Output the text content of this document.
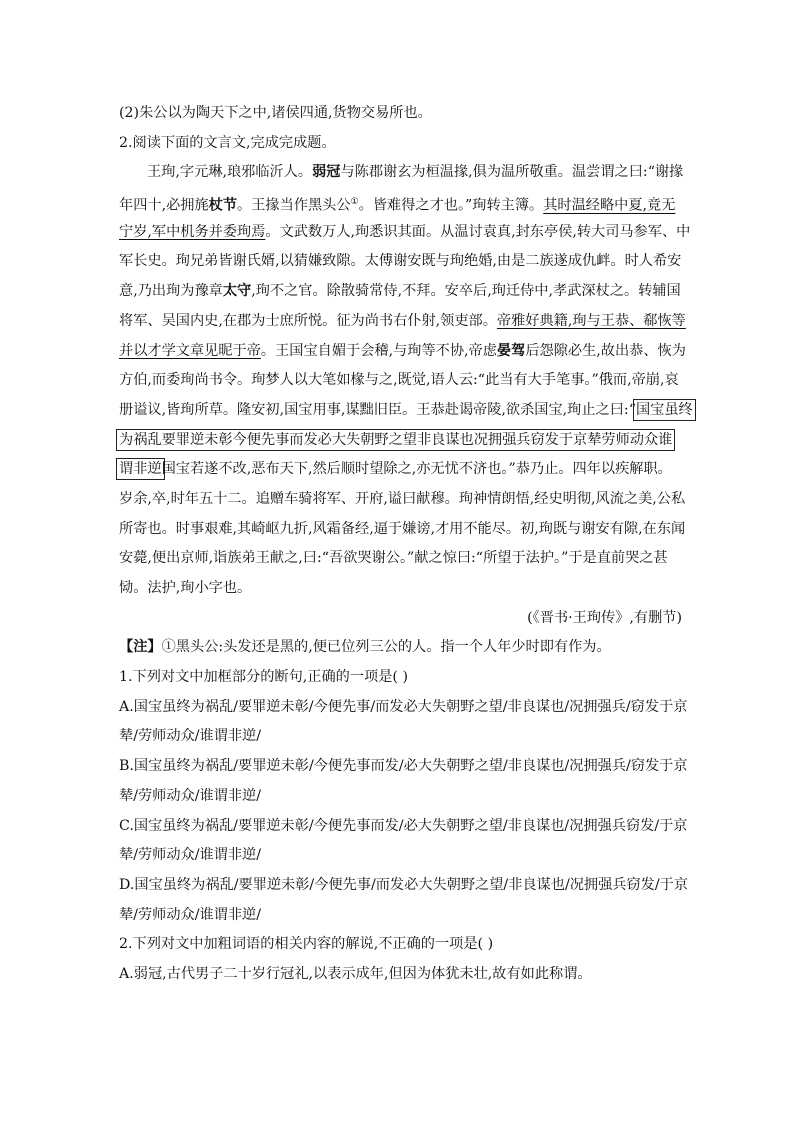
(2)朱公以为陶天下之中,诸侯四通,货物交易所也。
2.阅读下面的文言文,完成完成题。
王珣,字元琳,琅邪临沂人。弱冠与陈郡谢玄为桓温掾,俱为温所敬重。温尝谓之曰:“谢掾
年四十,必拥旄杖节。王掾当作黑头公①。皆难得之才也。”珣转主簿。其时温经略中夏,竟无
宁岁,军中机务并委珣焉。文武数万人,珣悉识其面。从温讨袁真,封东亭侯,转大司马参军、中
军长史。珣兄弟皆谢氏婿,以猜嫌致隙。太傅谢安既与珣绝婚,由是二族遂成仇衅。时人希安
意,乃出珣为豫章太守,珣不之官。除散骑常侍,不拜。安卒后,珣迁侍中,孝武深杖之。转辅国
将军、吴国内史,在郡为士庶所悦。征为尚书右仆射,领吏部。帝雅好典籍,珣与王恭、郗恢等
并以才学文章见昵于帝。王国宝自媚于会稽,与珣等不协,帝虑晏驾后怨隙必生,故出恭、恢为
方伯,而委珣尚书令。珣梦人以大笔如椽与之,既觉,语人云:“此当有大手笔事。”俄而,帝崩,哀
册谥议,皆珣所草。隆安初,国宝用事,谋黜旧臣。王恭赴谒帝陵,欲杀国宝,珣止之曰:“国宝虽终
为祸乱要罪逆未彰今便先事而发必大失朝野之望非良谋也况拥强兵窃发于京辇劳师动众谁
谓非逆国宝若遂不改,恶布天下,然后顺时望除之,亦无忧不济也。”恭乃止。四年以疾解职。
岁余,卒,时年五十二。追赠车骑将军、开府,谥曰献穆。珣神情朗悟,经史明彻,风流之美,公私
所寄也。时事艰难,其崎岖九折,风霜备经,逼于嫌谤,才用不能尽。初,珣既与谢安有隙,在东闻
安薨,便出京师,诣族弟王献之,曰:“吾欲哭谢公。”献之惊曰:“所望于法护。”于是直前哭之甚
恸。法护,珣小字也。
(《晋书·王珣传》,有删节)
【注】①黑头公:头发还是黑的,便已位列三公的人。指一个人年少时即有作为。
1.下列对文中加框部分的断句,正确的一项是( )
A.国宝虽终为祸乱/要罪逆未彰/今便先事/而发必大失朝野之望/非良谋也/况拥强兵/窃发于京
辇/劳师动众/谁谓非逆/
B.国宝虽终为祸乱/要罪逆未彰/今便先事而发/必大失朝野之望/非良谋也/况拥强兵/窃发于京
辇/劳师动众/谁谓非逆/
C.国宝虽终为祸乱/要罪逆未彰/今便先事而发/必大失朝野之望/非良谋也/况拥强兵窃发/于京
辇/劳师动众/谁谓非逆/
D.国宝虽终为祸乱/要罪逆未彰/今便先事/而发必大失朝野之望/非良谋也/况拥强兵窃发/于京
辇/劳师动众/谁谓非逆/
2.下列对文中加粗词语的相关内容的解说,不正确的一项是( )
A.弱冠,古代男子二十岁行冠礼,以表示成年,但因为体犹未壮,故有如此称谓。
